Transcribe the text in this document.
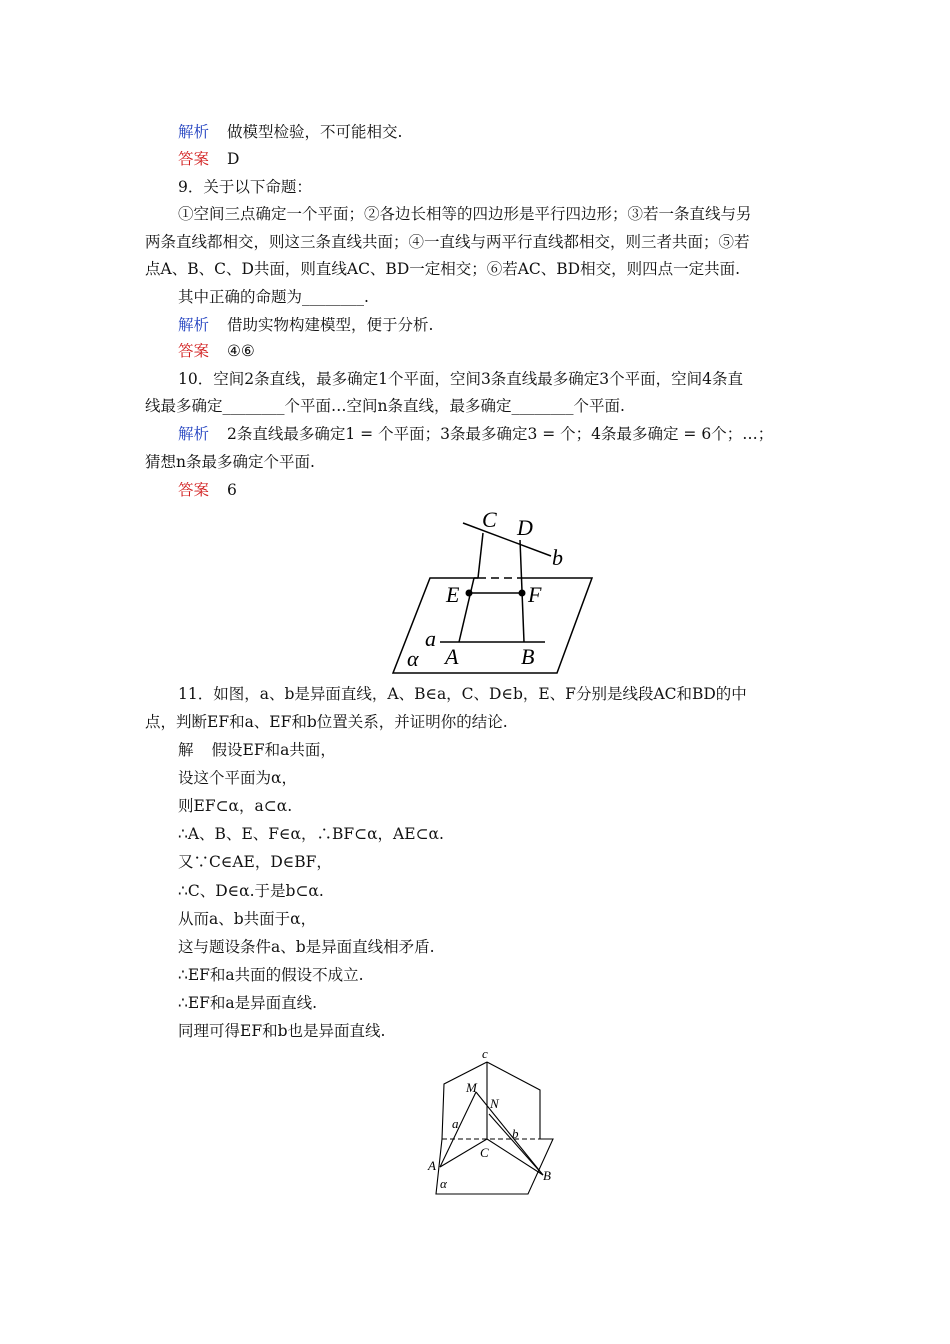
解析 做模型检验，不可能相交.
答案 D
9．关于以下命题：
①空间三点确定一个平面；②各边长相等的四边形是平行四边形；③若一条直线与另
两条直线都相交，则这三条直线共面；④一直线与两平行直线都相交，则三者共面；⑤若
点A、B、C、D共面，则直线AC、BD一定相交；⑥若AC、BD相交，则四点一定共面.
其中正确的命题为________.
解析 借助实物构建模型，便于分析.
答案 ④⑥
10．空间2条直线，最多确定1个平面，空间3条直线最多确定3个平面，空间4条直
线最多确定________个平面…空间n条直线，最多确定________个平面.
解析 2条直线最多确定1 = 个平面；3条最多确定3 = 个；4条最多确定 = 6个；…；
猜想n条最多确定个平面.
答案 6
C D
b
E	F
a
A	B
α
11．如图，a、b是异面直线，A、B∈a，C、D∈b，E、F分别是线段AC和BD的中
点，判断EF和a、EF和b位置关系，并证明你的结论.
解 假设EF和a共面，
设这个平面为α，
则EF⊂α，a⊂α.
∴A、B、E、F∈α，∴BF⊂α，AE⊂α.
又∵C∈AE，D∈BF，
∴C、D∈α.于是b⊂α.
从而a、b共面于α，
这与题设条件a、b是异面直线相矛盾.
∴EF和a共面的假设不成立.
∴EF和a是异面直线.
同理可得EF和b也是异面直线.
c
M
N
a
b
A
C
B
α
